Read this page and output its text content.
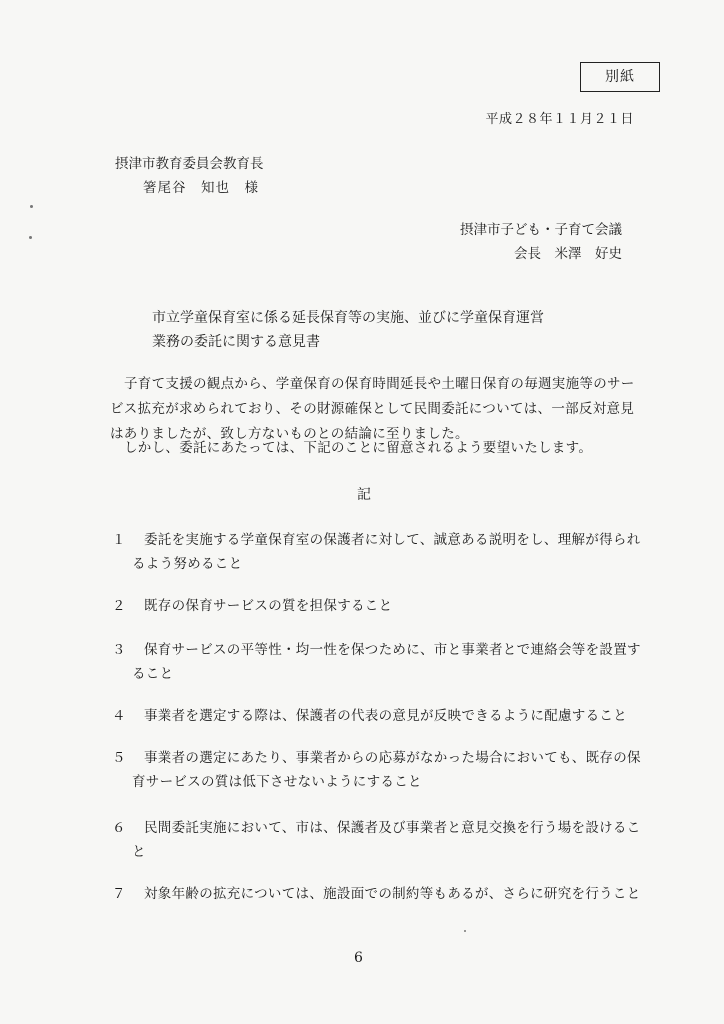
別紙
平成２８年１１月２１日
摂津市教育委員会教育長
箸尾谷　知也　様
摂津市子ども・子育て会議
会長　米澤　好史
市立学童保育室に係る延長保育等の実施、並びに学童保育運営
業務の委託に関する意見書

子育て支援の観点から、学童保育の保育時間延長や土曜日保育の毎週実施等のサービス拡充が求められており、その財源確保として民間委託については、一部反対意見はありましたが、致し方ないものとの結論に至りました。

しかし、委託にあたっては、下記のことに留意されるよう要望いたします。

記
１	委託を実施する学童保育室の保護者に対して、誠意ある説明をし、理解が得られるよう努めること
２	既存の保育サービスの質を担保すること
３	保育サービスの平等性・均一性を保つために、市と事業者とで連絡会等を設置すること
４	事業者を選定する際は、保護者の代表の意見が反映できるように配慮すること
５	事業者の選定にあたり、事業者からの応募がなかった場合においても、既存の保育サービスの質は低下させないようにすること
６	民間委託実施において、市は、保護者及び事業者と意見交換を行う場を設けること
７	対象年齢の拡充については、施設面での制約等もあるが、さらに研究を行うこと
6
